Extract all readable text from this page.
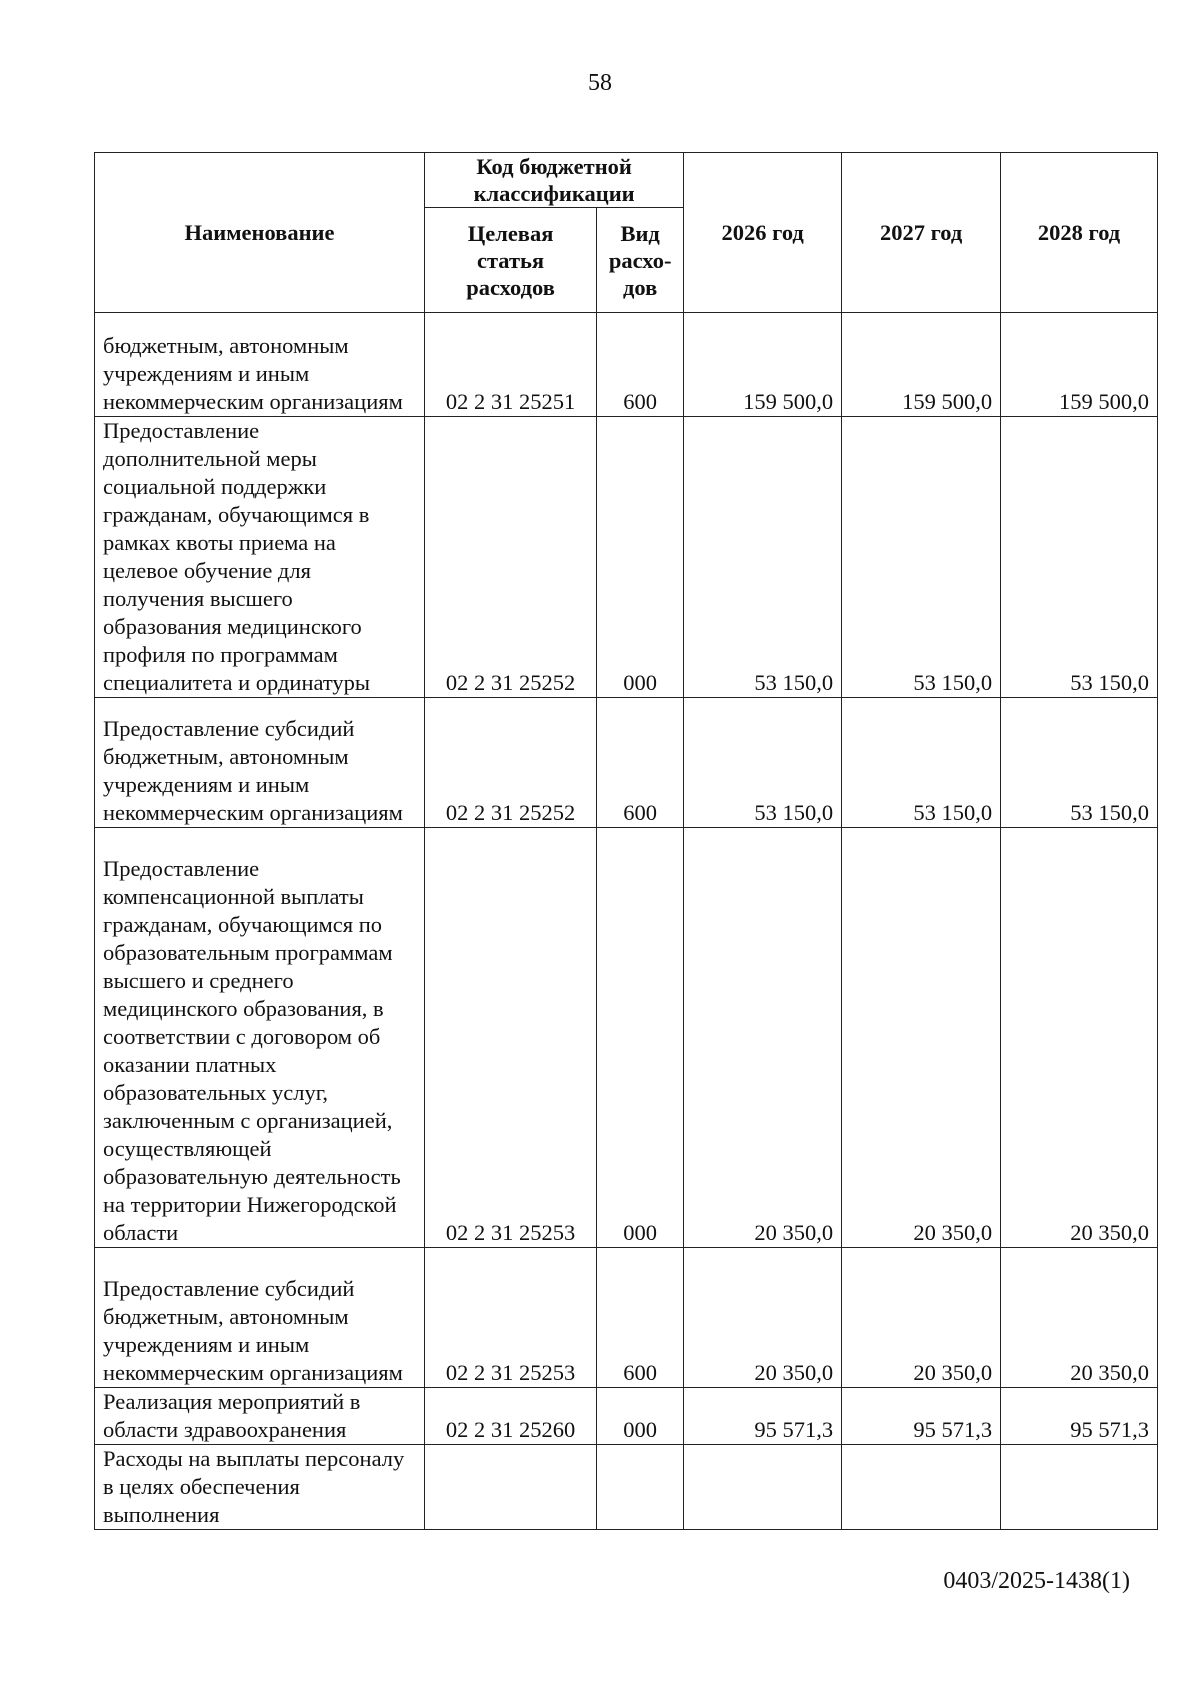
58
Наименование	Код бюджетной классификации		2026 год	2027 год	2028 год
	Целевая статья расходов	Вид расхо-дов			
бюджетным, автономным учреждениям и иным некоммерческим организациям	02 2 31 25251	600	159 500,0	159 500,0	159 500,0
Предоставление дополнительной меры социальной поддержки гражданам, обучающимся в рамках квоты приема на целевое обучение для получения высшего образования медицинского профиля по программам специалитета и ординатуры	02 2 31 25252	000	53 150,0	53 150,0	53 150,0
Предоставление субсидий бюджетным, автономным учреждениям и иным некоммерческим организациям	02 2 31 25252	600	53 150,0	53 150,0	53 150,0
Предоставление компенсационной выплаты гражданам, обучающимся по образовательным программам высшего и среднего медицинского образования, в соответствии с договором об оказании платных образовательных услуг, заключенным с организацией, осуществляющей образовательную деятельность на территории Нижегородской области	02 2 31 25253	000	20 350,0	20 350,0	20 350,0
Предоставление субсидий бюджетным, автономным учреждениям и иным некоммерческим организациям	02 2 31 25253	600	20 350,0	20 350,0	20 350,0
Реализация мероприятий в области здравоохранения	02 2 31 25260	000	95 571,3	95 571,3	95 571,3
Расходы на выплаты персоналу в целях обеспечения выполнения					
0403/2025-1438(1)
